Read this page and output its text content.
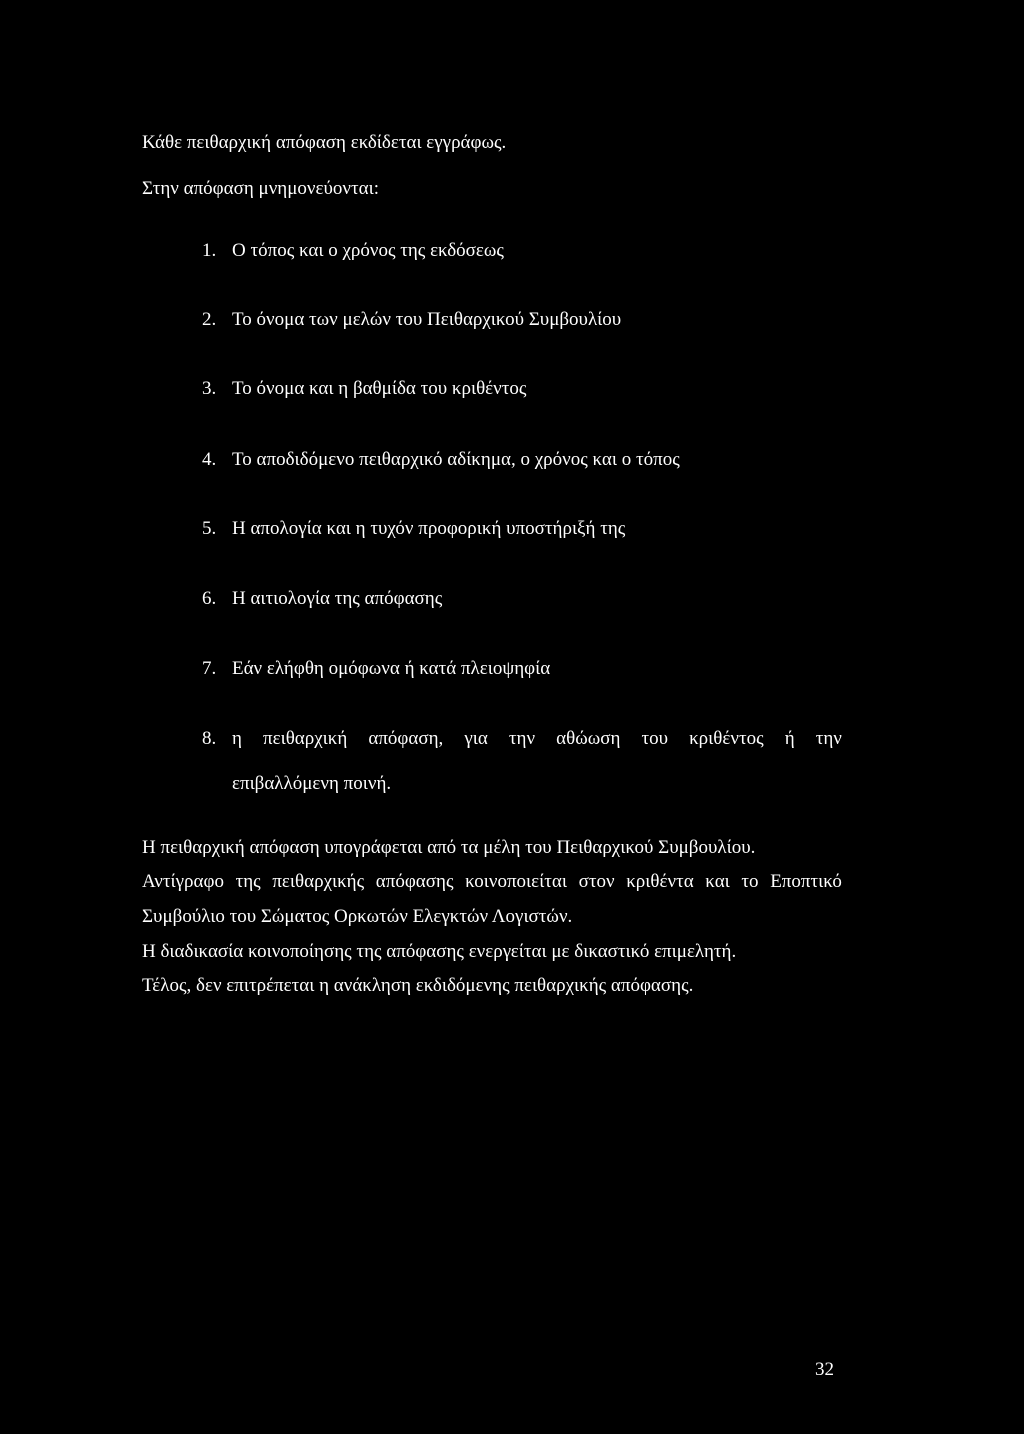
Κάθε πειθαρχική απόφαση εκδίδεται εγγράφως.

Στην απόφαση μνημονεύονται:

1. Ο τόπος και ο χρόνος της εκδόσεως
2. Το όνομα των μελών του Πειθαρχικού Συμβουλίου
3. Το όνομα και η βαθμίδα του κριθέντος
4. Το αποδιδόμενο πειθαρχικό αδίκημα, ο χρόνος και ο τόπος
5. Η απολογία και η τυχόν προφορική υποστήριξή της
6. Η αιτιολογία της απόφασης
7. Εάν ελήφθη ομόφωνα ή κατά πλειοψηφία
8. η πειθαρχική απόφαση, για την αθώωση του κριθέντος ή την
επιβαλλόμενη ποινή.

Η πειθαρχική απόφαση υπογράφεται από τα μέλη του Πειθαρχικού Συμβουλίου.

Αντίγραφο της πειθαρχικής απόφασης κοινοποιείται στον κριθέντα και το Εποπτικό

Συμβούλιο του Σώματος Ορκωτών Ελεγκτών Λογιστών.

Η διαδικασία κοινοποίησης της απόφασης ενεργείται με δικαστικό επιμελητή.

Τέλος, δεν επιτρέπεται η ανάκληση εκδιδόμενης πειθαρχικής απόφασης.

32
